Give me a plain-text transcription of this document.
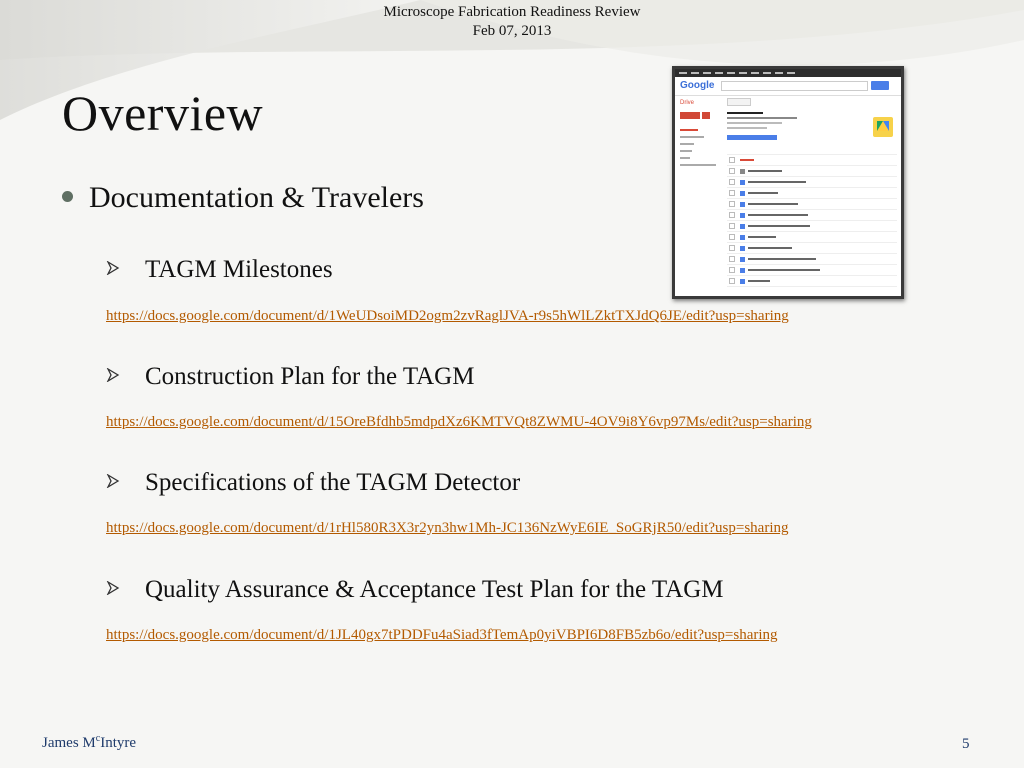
Microscope Fabrication Readiness Review
Feb 07, 2013
Overview
Documentation & Travelers
TAGM Milestones
https://docs.google.com/document/d/1WeUDsoiMD2ogm2zvRaglJVA-r9s5hWlLZktTXJdQ6JE/edit?usp=sharing
Construction Plan for the TAGM
https://docs.google.com/document/d/15OreBfdhb5mdpdXz6KMTVQt8ZWMU-4OV9i8Y6vp97Ms/edit?usp=sharing
Specifications of the TAGM Detector
https://docs.google.com/document/d/1rHl580R3X3r2yn3hw1Mh-JC136NzWyE6IE_SoGRjR50/edit?usp=sharing
Quality Assurance & Acceptance Test Plan for the TAGM
https://docs.google.com/document/d/1JL40gx7tPDDFu4aSiad3fTemAp0yiVBPI6D8FB5zb6o/edit?usp=sharing
Google
Drive
James $M^cIntyre$	5
